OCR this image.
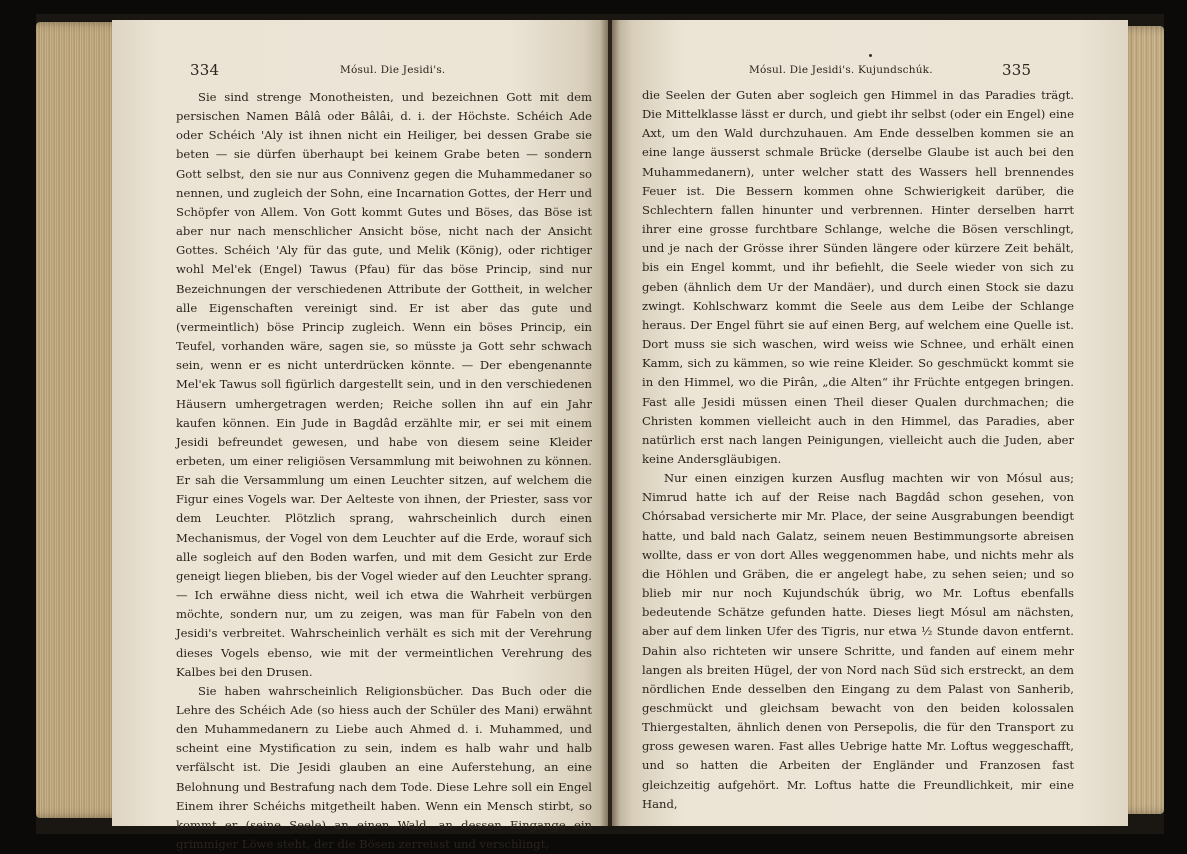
334	Mósul. Die Jesidi's.

Sie sind strenge Monotheisten, und bezeichnen Gott mit dem persischen Namen Bâlâ oder Bâlâi, d. i. der Höchste. Schéich Ade oder Schéich 'Aly ist ihnen nicht ein Heiliger, bei dessen Grabe sie beten — sie dürfen überhaupt bei keinem Grabe beten — sondern Gott selbst, den sie nur aus Connivenz gegen die Muhammedaner so nennen, und zugleich der Sohn, eine Incarnation Gottes, der Herr und Schöpfer von Allem. Von Gott kommt Gutes und Böses, das Böse ist aber nur nach menschlicher Ansicht böse, nicht nach der Ansicht Gottes. Schéich 'Aly für das gute, und Melik (König), oder richtiger wohl Mel'ek (Engel) Tawus (Pfau) für das böse Princip, sind nur Bezeichnungen der verschiedenen Attribute der Gottheit, in welcher alle Eigenschaften vereinigt sind. Er ist aber das gute und (vermeintlich) böse Princip zugleich. Wenn ein böses Princip, ein Teufel, vorhanden wäre, sagen sie, so müsste ja Gott sehr schwach sein, wenn er es nicht unterdrücken könnte. — Der ebengenannte Mel'ek Tawus soll figürlich dargestellt sein, und in den verschiedenen Häusern umhergetragen werden; Reiche sollen ihn auf ein Jahr kaufen können. Ein Jude in Bagdâd erzählte mir, er sei mit einem Jesidi befreundet gewesen, und habe von diesem seine Kleider erbeten, um einer religiösen Versammlung mit beiwohnen zu können. Er sah die Versammlung um einen Leuchter sitzen, auf welchem die Figur eines Vogels war. Der Aelteste von ihnen, der Priester, sass vor dem Leuchter. Plötzlich sprang, wahrscheinlich durch einen Mechanismus, der Vogel von dem Leuchter auf die Erde, worauf sich alle sogleich auf den Boden warfen, und mit dem Gesicht zur Erde geneigt liegen blieben, bis der Vogel wieder auf den Leuchter sprang. — Ich erwähne diess nicht, weil ich etwa die Wahrheit verbürgen möchte, sondern nur, um zu zeigen, was man für Fabeln von den Jesidi's verbreitet. Wahrscheinlich verhält es sich mit der Verehrung dieses Vogels ebenso, wie mit der vermeintlichen Verehrung des Kalbes bei den Drusen.

Sie haben wahrscheinlich Religionsbücher. Das Buch oder die Lehre des Schéich Ade (so hiess auch der Schüler des Mani) erwähnt den Muhammedanern zu Liebe auch Ahmed d. i. Muhammed, und scheint eine Mystification zu sein, indem es halb wahr und halb verfälscht ist. Die Jesidi glauben an eine Auferstehung, an eine Belohnung und Bestrafung nach dem Tode. Diese Lehre soll ein Engel Einem ihrer Schéichs mitgetheilt haben. Wenn ein Mensch stirbt, so kommt er (seine Seele) an einen Wald, an dessen Eingange ein grimmiger Löwe steht, der die Bösen zerreisst und verschlingt,

Mósul. Die Jesidi's. Kujundschúk.	335

die Seelen der Guten aber sogleich gen Himmel in das Paradies trägt. Die Mittelklasse lässt er durch, und giebt ihr selbst (oder ein Engel) eine Axt, um den Wald durchzuhauen. Am Ende desselben kommen sie an eine lange äusserst schmale Brücke (derselbe Glaube ist auch bei den Muhammedanern), unter welcher statt des Wassers hell brennendes Feuer ist. Die Bessern kommen ohne Schwierigkeit darüber, die Schlechtern fallen hinunter und verbrennen. Hinter derselben harrt ihrer eine grosse furchtbare Schlange, welche die Bösen verschlingt, und je nach der Grösse ihrer Sünden längere oder kürzere Zeit behält, bis ein Engel kommt, und ihr befiehlt, die Seele wieder von sich zu geben (ähnlich dem Ur der Mandäer), und durch einen Stock sie dazu zwingt. Kohlschwarz kommt die Seele aus dem Leibe der Schlange heraus. Der Engel führt sie auf einen Berg, auf welchem eine Quelle ist. Dort muss sie sich waschen, wird weiss wie Schnee, und erhält einen Kamm, sich zu kämmen, so wie reine Kleider. So geschmückt kommt sie in den Himmel, wo die Pirân, „die Alten“ ihr Früchte entgegen bringen. Fast alle Jesidi müssen einen Theil dieser Qualen durchmachen; die Christen kommen vielleicht auch in den Himmel, das Paradies, aber natürlich erst nach langen Peinigungen, vielleicht auch die Juden, aber keine Andersgläubigen.

Nur einen einzigen kurzen Ausflug machten wir von Mósul aus; Nimrud hatte ich auf der Reise nach Bagdâd schon gesehen, von Chórsabad versicherte mir Mr. Place, der seine Ausgrabungen beendigt hatte, und bald nach Galatz, seinem neuen Bestimmungsorte abreisen wollte, dass er von dort Alles weggenommen habe, und nichts mehr als die Höhlen und Gräben, die er angelegt habe, zu sehen seien; und so blieb mir nur noch Kujundschúk übrig, wo Mr. Loftus ebenfalls bedeutende Schätze gefunden hatte. Dieses liegt Mósul am nächsten, aber auf dem linken Ufer des Tigris, nur etwa ½ Stunde davon entfernt. Dahin also richteten wir unsere Schritte, und fanden auf einem mehr langen als breiten Hügel, der von Nord nach Süd sich erstreckt, an dem nördlichen Ende desselben den Eingang zu dem Palast von Sanherib, geschmückt und gleichsam bewacht von den beiden kolossalen Thiergestalten, ähnlich denen von Persepolis, die für den Transport zu gross gewesen waren. Fast alles Uebrige hatte Mr. Loftus weggeschafft, und so hatten die Arbeiten der Engländer und Franzosen fast gleichzeitig aufgehört. Mr. Loftus hatte die Freundlichkeit, mir eine Hand,
